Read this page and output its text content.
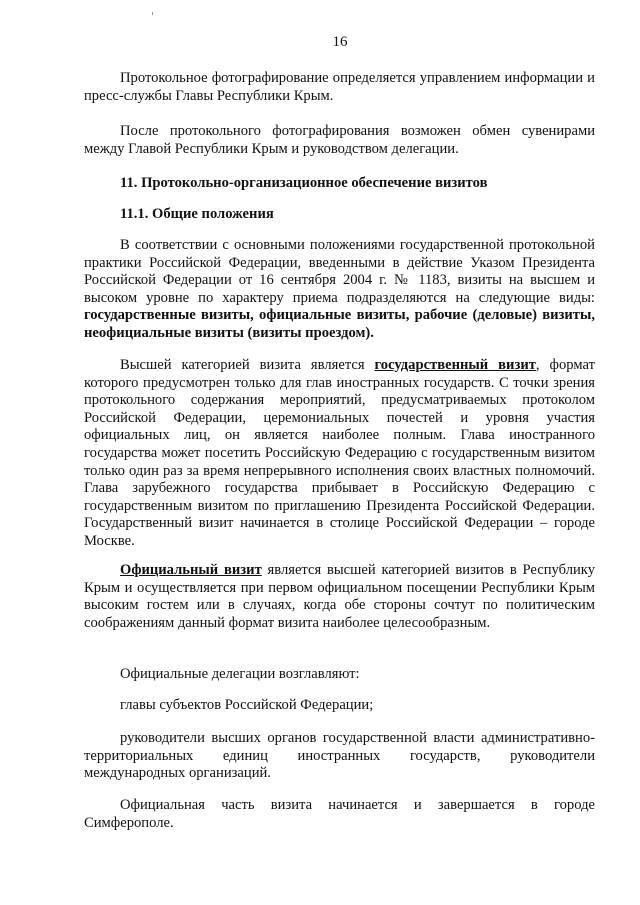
16
Протокольное фотографирование определяется управлением информации и пресс-службы Главы Республики Крым.
После протокольного фотографирования возможен обмен сувенирами между Главой Республики Крым и руководством делегации.
11. Протокольно-организационное обеспечение визитов
11.1. Общие положения
В соответствии с основными положениями государственной протокольной практики Российской Федерации, введенными в действие Указом Президента Российской Федерации от 16 сентября 2004 г. № 1183, визиты на высшем и высоком уровне по характеру приема подразделяются на следующие виды: государственные визиты, официальные визиты, рабочие (деловые) визиты, неофициальные визиты (визиты проездом).
Высшей категорией визита является государственный визит, формат которого предусмотрен только для глав иностранных государств. С точки зрения протокольного содержания мероприятий, предусматриваемых протоколом Российской Федерации, церемониальных почестей и уровня участия официальных лиц, он является наиболее полным. Глава иностранного государства может посетить Российскую Федерацию с государственным визитом только один раз за время непрерывного исполнения своих властных полномочий. Глава зарубежного государства прибывает в Российскую Федерацию с государственным визитом по приглашению Президента Российской Федерации. Государственный визит начинается в столице Российской Федерации – городе Москве.
Официальный визит является высшей категорией визитов в Республику Крым и осуществляется при первом официальном посещении Республики Крым высоким гостем или в случаях, когда обе стороны сочтут по политическим соображениям данный формат визита наиболее целесообразным.
Официальные делегации возглавляют:
главы субъектов Российской Федерации;
руководители высших органов государственной власти административно-территориальных единиц иностранных государств, руководители международных организаций.
Официальная часть визита начинается и завершается в городе Симферополе.
